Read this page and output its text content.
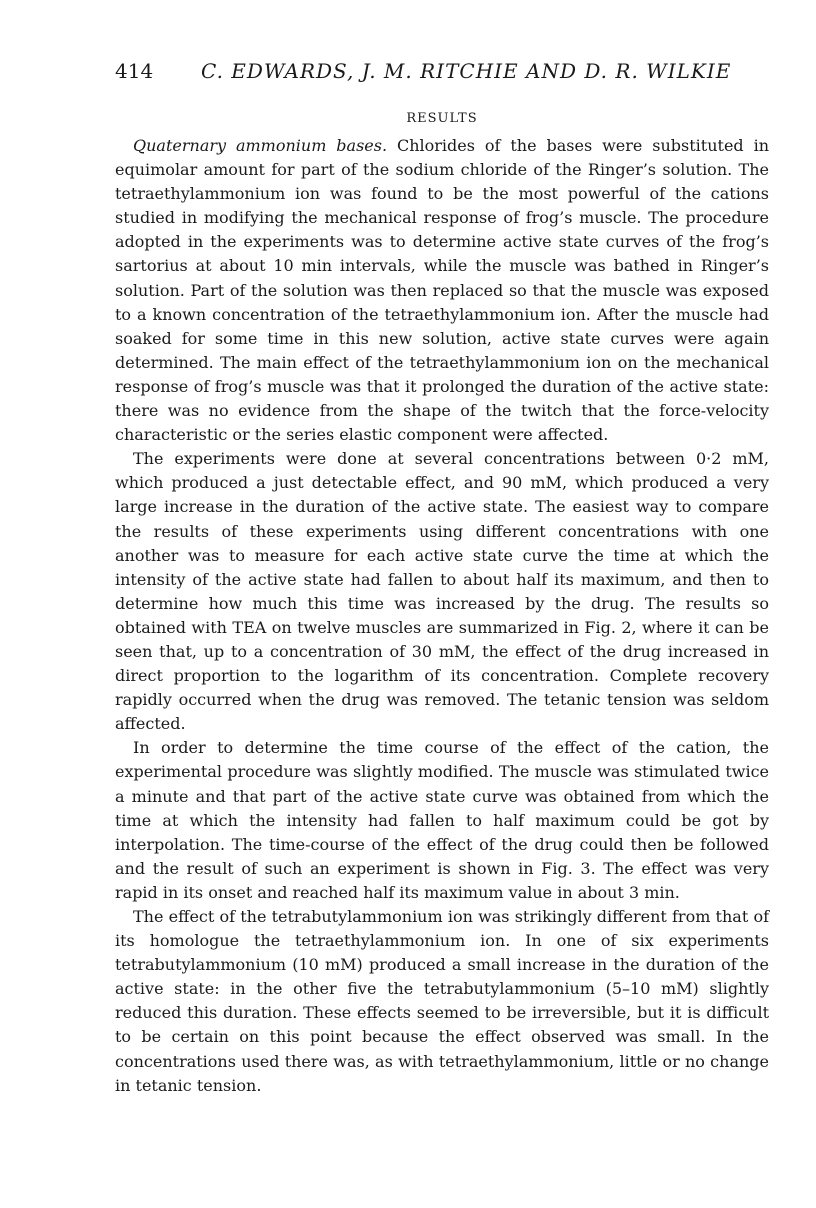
414 C. EDWARDS, J. M. RITCHIE AND D. R. WILKIE
RESULTS

Quaternary ammonium bases. Chlorides of the bases were substituted in equimolar amount for part of the sodium chloride of the Ringer’s solution. The tetraethylammonium ion was found to be the most powerful of the cations studied in modifying the mechanical response of frog’s muscle. The procedure adopted in the experiments was to determine active state curves of the frog’s sartorius at about 10 min intervals, while the muscle was bathed in Ringer’s solution. Part of the solution was then replaced so that the muscle was exposed to a known concentration of the tetraethylammonium ion. After the muscle had soaked for some time in this new solution, active state curves were again determined. The main effect of the tetraethylammonium ion on the mechanical response of frog’s muscle was that it prolonged the duration of the active state: there was no evidence from the shape of the twitch that the force-velocity characteristic or the series elastic component were affected.

The experiments were done at several concentrations between 0·2 mM, which produced a just detectable effect, and 90 mM, which produced a very large increase in the duration of the active state. The easiest way to compare the results of these experiments using different concentrations with one another was to measure for each active state curve the time at which the intensity of the active state had fallen to about half its maximum, and then to determine how much this time was increased by the drug. The results so obtained with TEA on twelve muscles are summarized in Fig. 2, where it can be seen that, up to a concentration of 30 mM, the effect of the drug increased in direct proportion to the logarithm of its concentration. Complete recovery rapidly occurred when the drug was removed. The tetanic tension was seldom affected.

In order to determine the time course of the effect of the cation, the experimental procedure was slightly modified. The muscle was stimulated twice a minute and that part of the active state curve was obtained from which the time at which the intensity had fallen to half maximum could be got by interpolation. The time-course of the effect of the drug could then be followed and the result of such an experiment is shown in Fig. 3. The effect was very rapid in its onset and reached half its maximum value in about 3 min.

The effect of the tetrabutylammonium ion was strikingly different from that of its homologue the tetraethylammonium ion. In one of six experiments tetrabutylammonium (10 mM) produced a small increase in the duration of the active state: in the other five the tetrabutylammonium (5–10 mM) slightly reduced this duration. These effects seemed to be irreversible, but it is difficult to be certain on this point because the effect observed was small. In the concentrations used there was, as with tetraethylammonium, little or no change in tetanic tension.
